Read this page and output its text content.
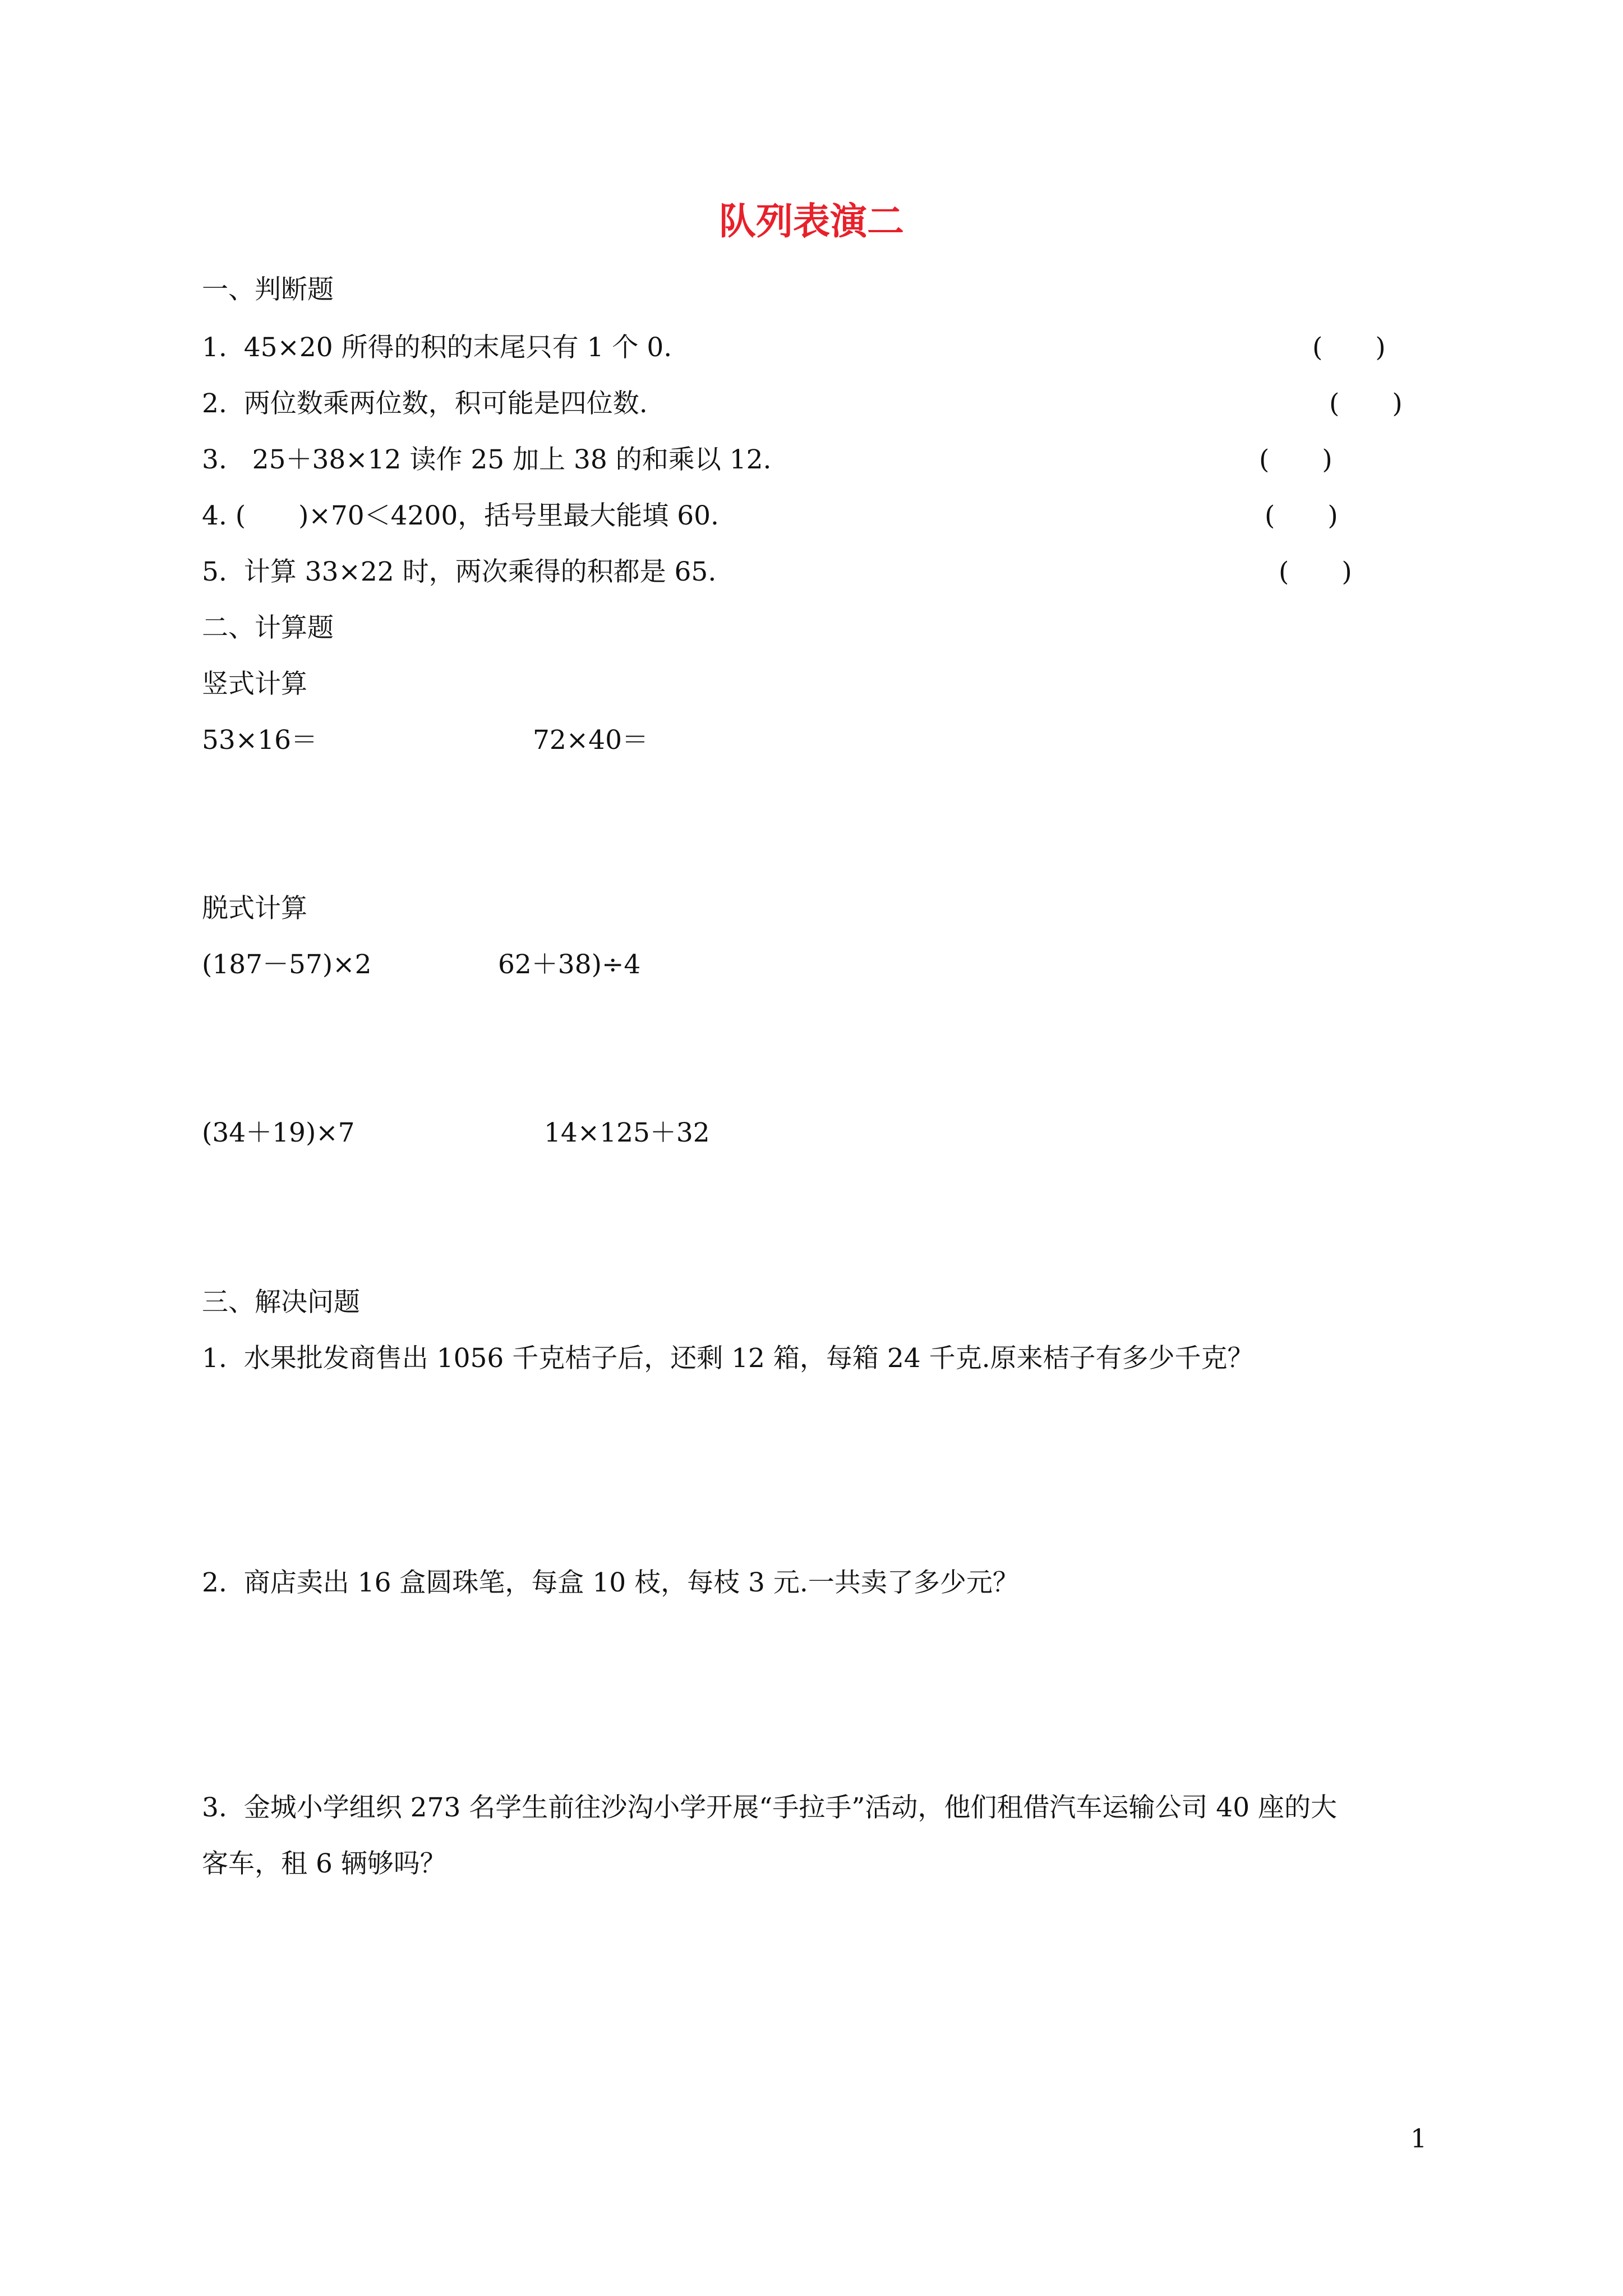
队列表演二
一、判断题
1.  45×20 所得的积的末尾只有 1 个 0.	(　　)
2.  两位数乘两位数，积可能是四位数.	(　　)
3.   25＋38×12 读作 25 加上 38 的和乘以 12.	(　　)
4. (　　)×70＜4200，括号里最大能填 60.	(　　)
5.  计算 33×22 时，两次乘得的积都是 65.	(　　)
二、计算题
竖式计算
53×16＝	72×40＝
脱式计算
(187－57)×2	62＋38)÷4
(34＋19)×7	14×125＋32
三、解决问题
1.  水果批发商售出 1056 千克桔子后，还剩 12 箱，每箱 24 千克.原来桔子有多少千克？
2.  商店卖出 16 盒圆珠笔，每盒 10 枝，每枝 3 元.一共卖了多少元？
3.  金城小学组织 273 名学生前往沙沟小学开展“手拉手”活动，他们租借汽车运输公司 40 座的大
客车，租 6 辆够吗？
1
